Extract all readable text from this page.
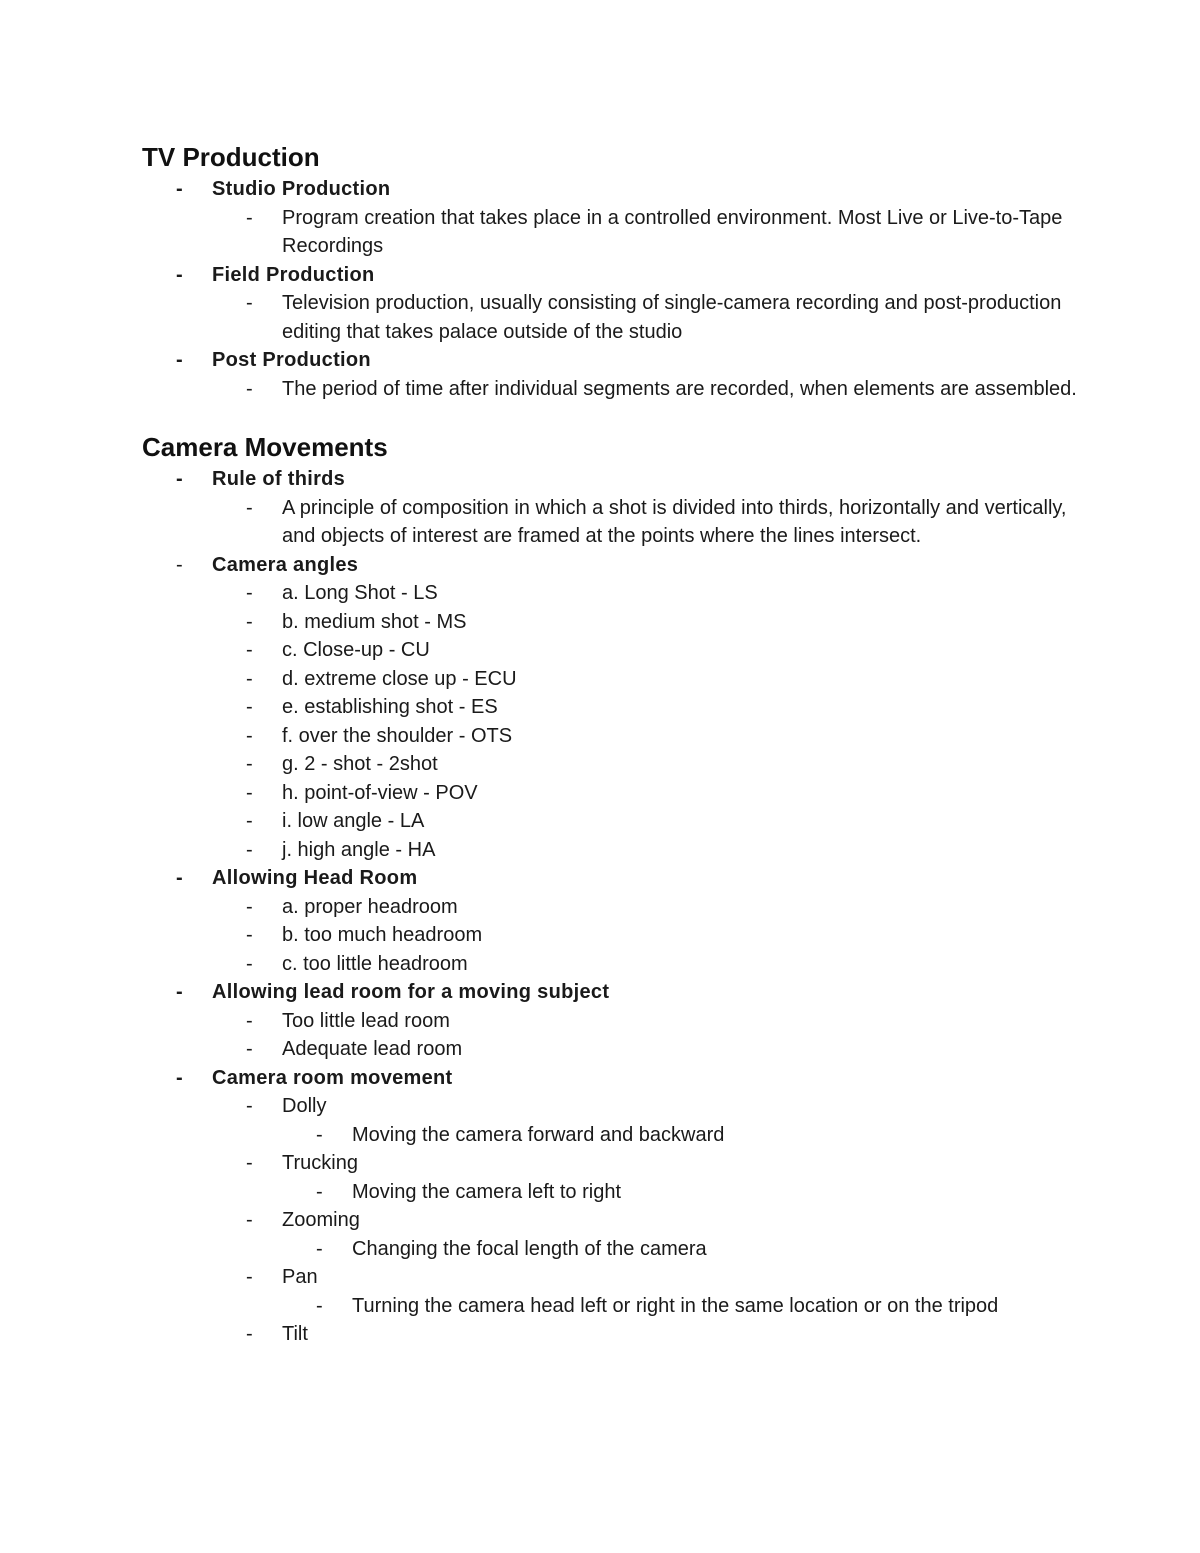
TV Production
- Studio Production
- Program creation that takes place in a controlled environment. Most Live or Live-to-Tape Recordings
- Field Production
- Television production, usually consisting of single-camera recording and post-production editing that takes palace outside of the studio
- Post Production
- The period of time after individual segments are recorded, when elements are assembled.
Camera Movements
- Rule of thirds
- A principle of composition in which a shot is divided into thirds, horizontally and vertically, and objects of interest are framed at the points where the lines intersect.
- Camera angles
- a. Long Shot - LS
- b. medium shot - MS
- c. Close-up - CU
- d. extreme close up - ECU
- e. establishing shot - ES
- f. over the shoulder - OTS
- g. 2 - shot - 2shot
- h. point-of-view - POV
- i. low angle - LA
- j. high angle - HA
- Allowing Head Room
- a. proper headroom
- b. too much headroom
- c. too little headroom
- Allowing lead room for a moving subject
- Too little lead room
- Adequate lead room
- Camera room movement
- Dolly
- Moving the camera forward and backward
- Trucking
- Moving the camera left to right
- Zooming
- Changing the focal length of the camera
- Pan
- Turning the camera head left or right in the same location or on the tripod
- Tilt
